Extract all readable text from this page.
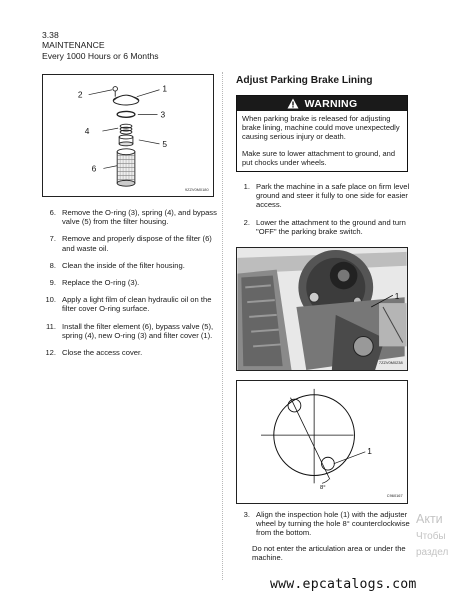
3.38
MAINTENANCE
Every 1000 Hours or 6 Months
1
2
3
4
5
6
9ZZV0M0180
6. Remove the O-ring (3), spring (4), and bypass valve (5) from the filter housing.
7. Remove and properly dispose of the filter (6) and waste oil.
8. Clean the inside of the filter housing.
9. Replace the O-ring (3).
10. Apply a light film of clean hydraulic oil on the filter cover O-ring surface.
11. Install the filter element (6), bypass valve (5), spring (4), new O-ring (3) and filter cover (1).
12. Close the access cover.
Adjust Parking Brake Lining
WARNING

When parking brake is released for adjusting brake lining, machine could move unexpectedly causing serious injury or death.

Make sure to lower attachment to ground, and put chocks under wheels.

1. Park the machine in a safe place on firm level ground and steer it fully to one side for easier access.
2. Lower the attachment to the ground and turn "OFF" the parking brake switch.
1
7ZZV0M0238
1
8°
C960167
3. Align the inspection hole (1) with the adjuster wheel by turning the hole 8° counterclockwise from the bottom.
Do not enter the articulation area or under the machine.
Акти
Чтобы
раздел
www.epcatalogs.com
